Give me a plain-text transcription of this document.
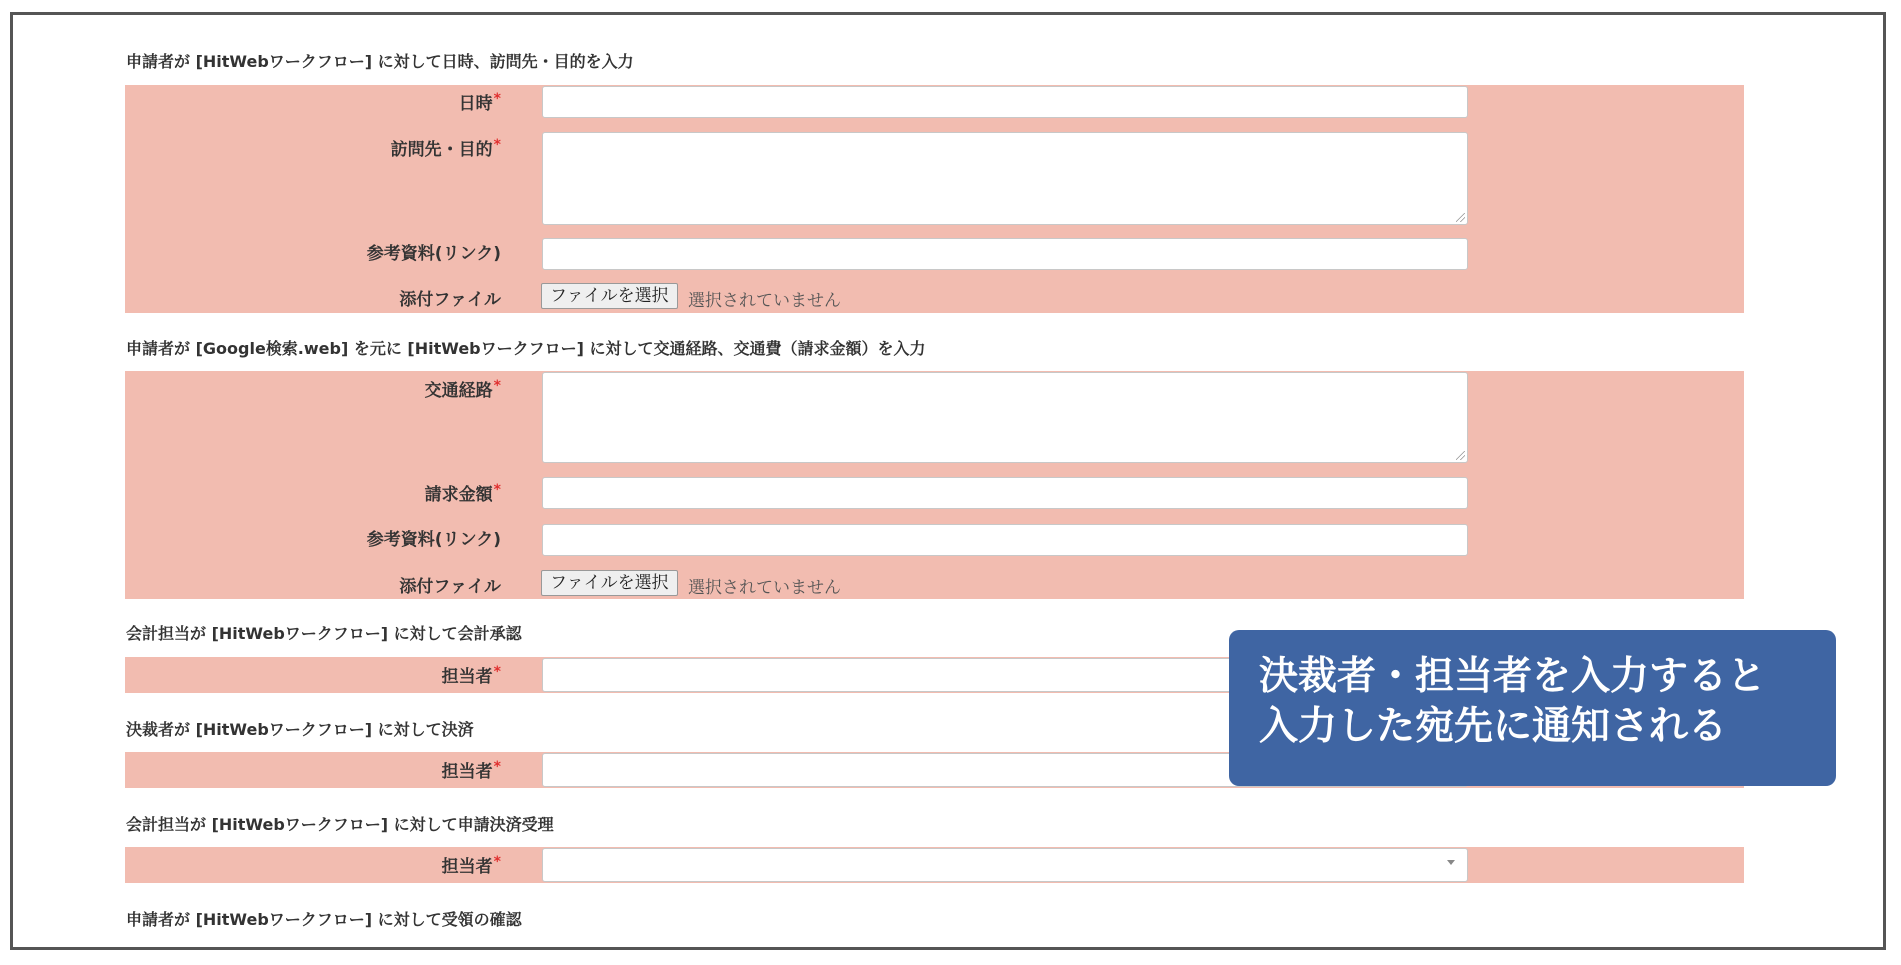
申請者が [HitWebワークフロー] に対して日時、訪問先・目的を入力
日時*
訪問先・目的*
参考資料(リンク)
添付ファイル	ファイルを選択	選択されていません
申請者が [Google検索.web] を元に [HitWebワークフロー] に対して交通経路、交通費（請求金額）を入力
交通経路*
請求金額*
参考資料(リンク)
添付ファイル	ファイルを選択	選択されていません
会計担当が [HitWebワークフロー] に対して会計承認
担当者*
決裁者が [HitWebワークフロー] に対して決済
担当者*
会計担当が [HitWebワークフロー] に対して申請決済受理
担当者*
申請者が [HitWebワークフロー] に対して受領の確認
決裁者・担当者を入力すると
入力した宛先に通知される
